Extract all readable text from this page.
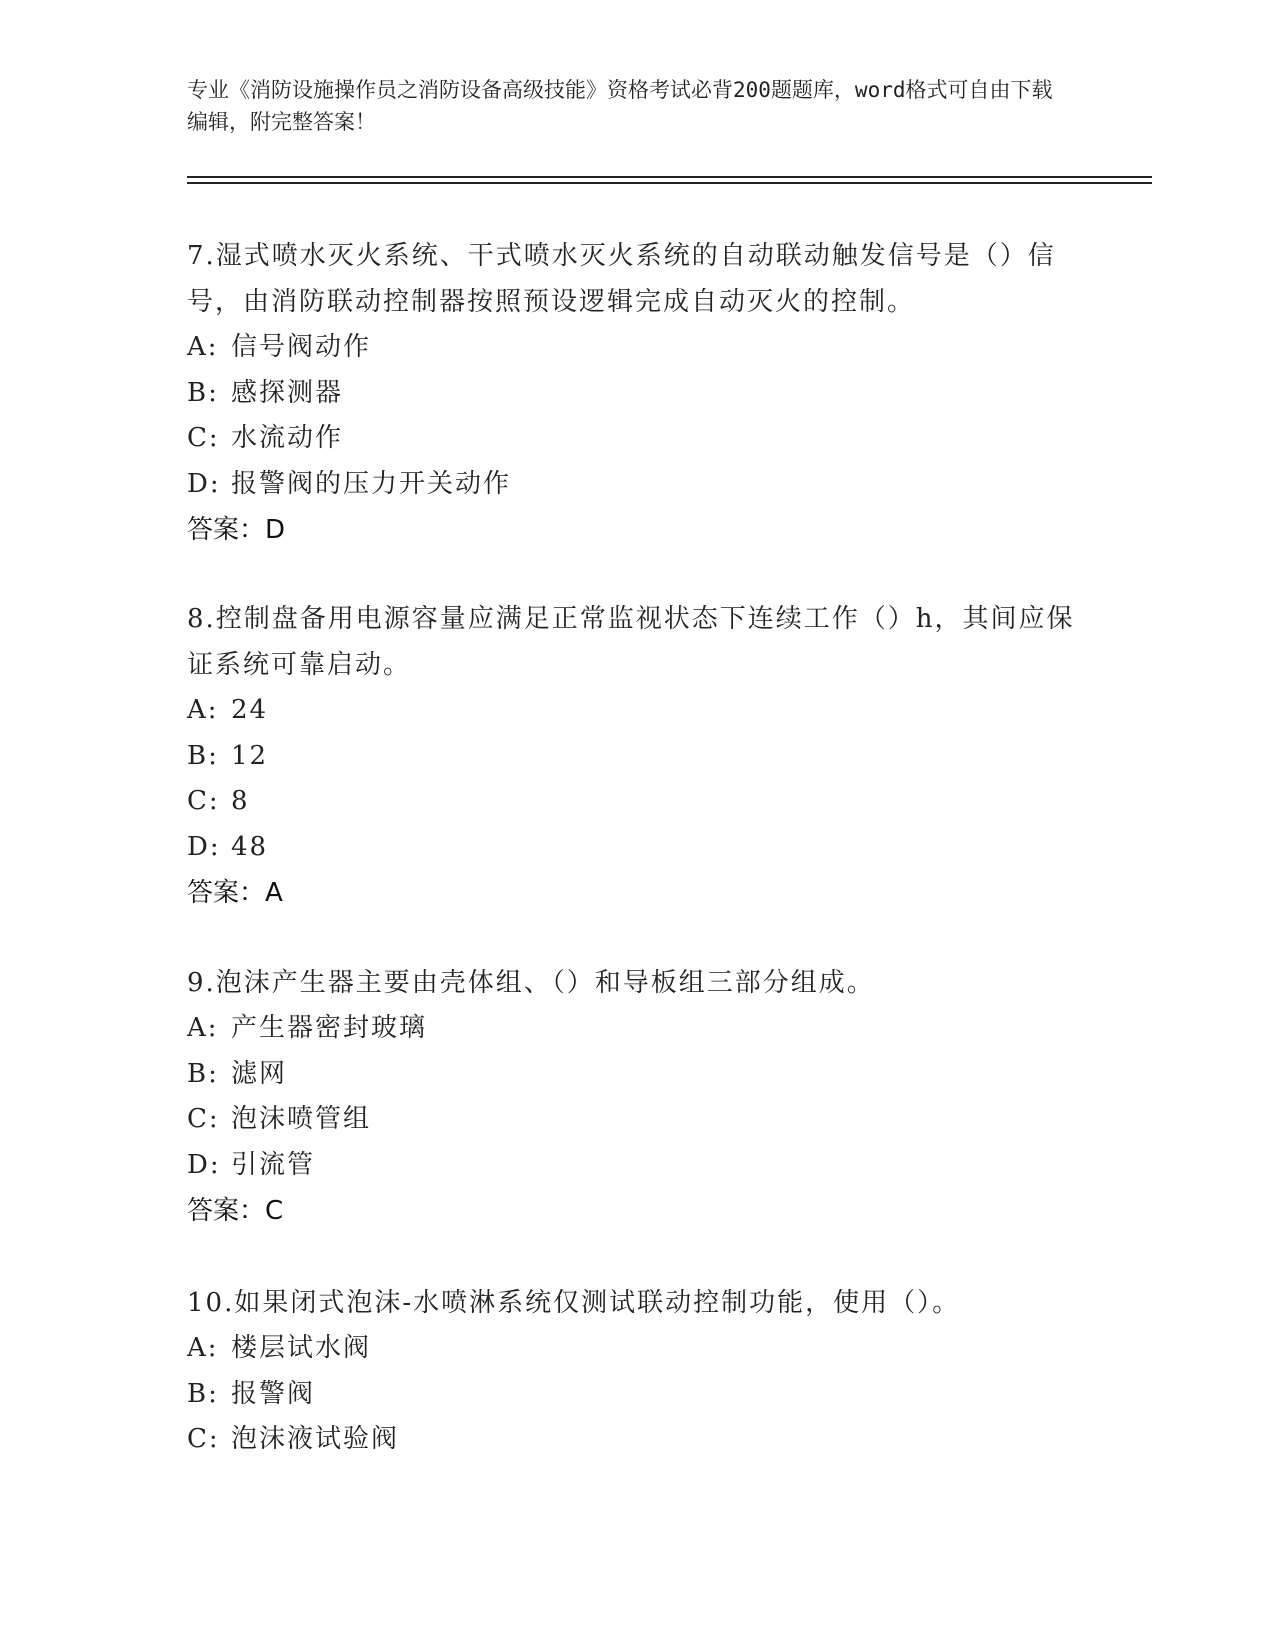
专业《消防设施操作员之消防设备高级技能》资格考试必背200题题库，word格式可自由下载编辑，附完整答案！

7.湿式喷水灭火系统、干式喷水灭火系统的自动联动触发信号是（）信号，由消防联动控制器按照预设逻辑完成自动灭火的控制。

A: 信号阀动作

B: 感探测器

C: 水流动作

D: 报警阀的压力开关动作

答案：D

8.控制盘备用电源容量应满足正常监视状态下连续工作（）h，其间应保证系统可靠启动。

A: 24

B: 12

C: 8

D: 48

答案：A

9.泡沫产生器主要由壳体组、（）和导板组三部分组成。

A: 产生器密封玻璃

B: 滤网

C: 泡沫喷管组

D: 引流管

答案：C

10.如果闭式泡沫-水喷淋系统仅测试联动控制功能，使用（）。

A: 楼层试水阀

B: 报警阀

C: 泡沫液试验阀
